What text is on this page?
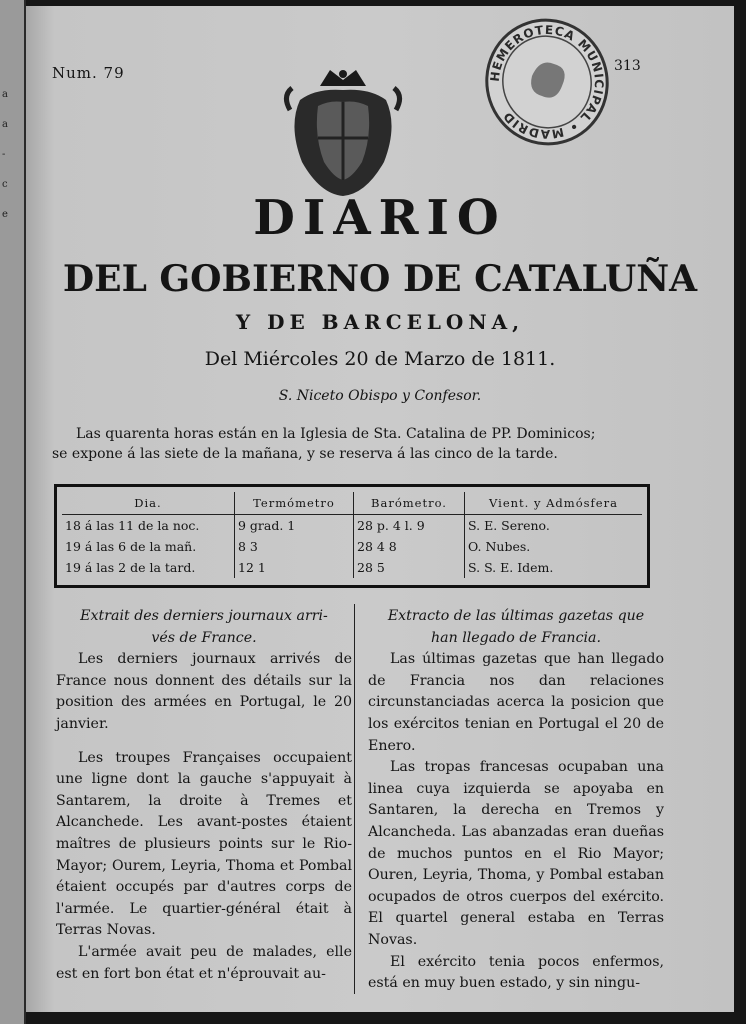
a
a
-
c
e
Num. 79	313
HEMEROTECA MUNICIPAL • MADRID
DIARIO
DEL GOBIERNO DE CATALUÑA
Y DE BARCELONA,
Del Miércoles 20 de Marzo de 1811.
S. Niceto Obispo y Confesor.
Las quarenta horas están en la Iglesia de Sta. Catalina de PP. Dominicos;
se expone á las siete de la mañana, y se reserva á las cinco de la tarde.
Dia.	Termómetro	Barómetro.	Vient. y Admósfera
18 á las 11 de la noc.	9 grad. 1	28 p. 4 l. 9	S. E. Sereno.
19 á las 6 de la mañ.	8 3	28 4 8	O. Nubes.
19 á las 2 de la tard.	12 1	28 5	S. S. E. Idem.
Extrait des derniers journaux arri-
vés de France.

Les derniers journaux arrivés de France nous donnent des détails sur la position des armées en Portugal, le 20 janvier.

Les troupes Françaises occupaient une ligne dont la gauche s'appuyait à Santarem, la droite à Tremes et Alcanchede. Les avant-postes étaient maîtres de plusieurs points sur le Rio-Mayor; Ourem, Leyria, Thoma et Pombal étaient occupés par d'autres corps de l'armée. Le quartier-général était à Terras Novas.

L'armée avait peu de malades, elle est en fort bon état et n'éprouvait au-

Extracto de las últimas gazetas que
han llegado de Francia.

Las últimas gazetas que han llegado de Francia nos dan relaciones circunstanciadas acerca la posicion que los exércitos tenian en Portugal el 20 de Enero.

Las tropas francesas ocupaban una linea cuya izquierda se apoyaba en Santaren, la derecha en Tremos y Alcancheda. Las abanzadas eran dueñas de muchos puntos en el Rio Mayor; Ouren, Leyria, Thoma, y Pombal estaban ocupados de otros cuerpos del exército. El quartel general estaba en Terras Novas.

El exército tenia pocos enfermos, está en muy buen estado, y sin ningu-
